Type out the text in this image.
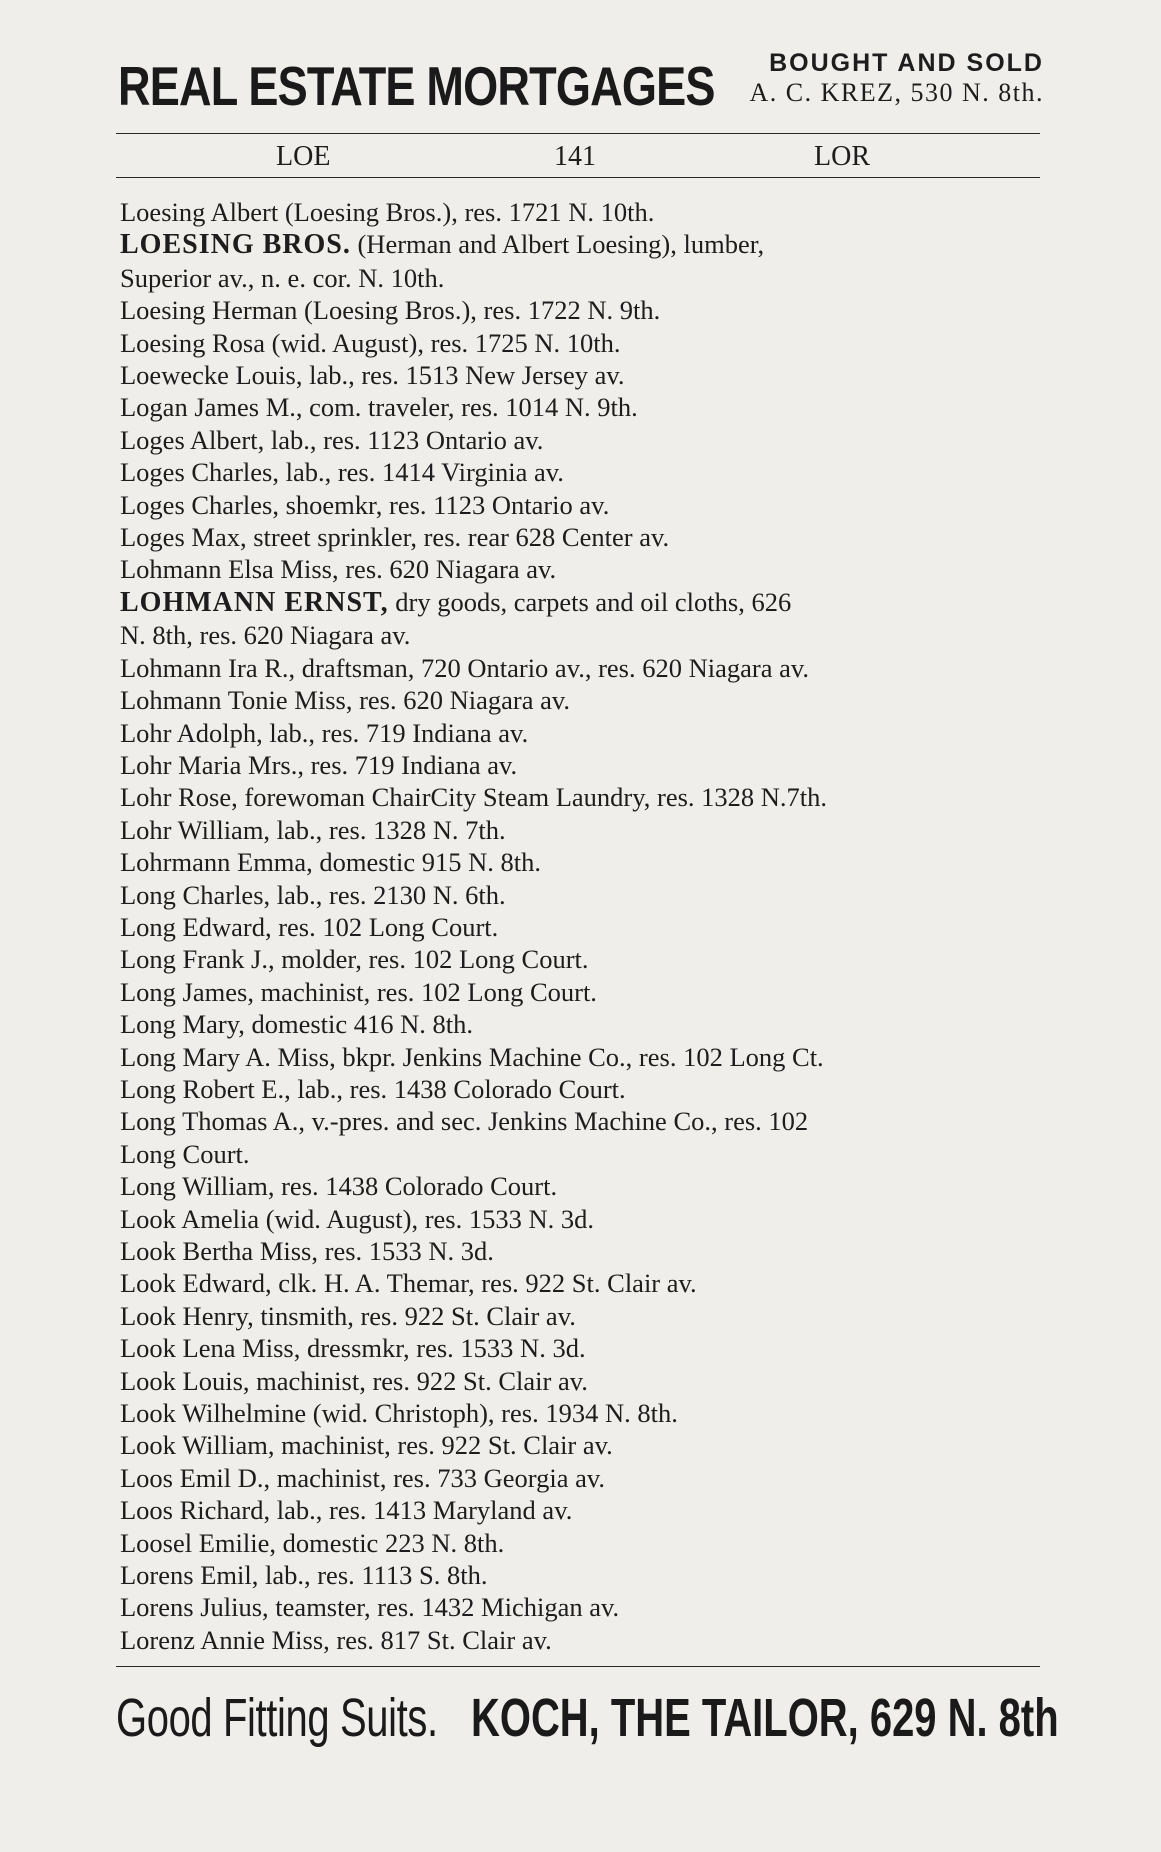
REAL ESTATE MORTGAGES	BOUGHT AND SOLD
A. C. KREZ, 530 N. 8th.
LOE	141	LOR
Loesing Albert (Loesing Bros.), res. 1721 N. 10th.
LOESING BROS. (Herman and Albert Loesing), lumber,
Superior av., n. e. cor. N. 10th.
Loesing Herman (Loesing Bros.), res. 1722 N. 9th.
Loesing Rosa (wid. August), res. 1725 N. 10th.
Loewecke Louis, lab., res. 1513 New Jersey av.
Logan James M., com. traveler, res. 1014 N. 9th.
Loges Albert, lab., res. 1123 Ontario av.
Loges Charles, lab., res. 1414 Virginia av.
Loges Charles, shoemkr, res. 1123 Ontario av.
Loges Max, street sprinkler, res. rear 628 Center av.
Lohmann Elsa Miss, res. 620 Niagara av.
LOHMANN ERNST, dry goods, carpets and oil cloths, 626
N. 8th, res. 620 Niagara av.
Lohmann Ira R., draftsman, 720 Ontario av., res. 620 Niagara av.
Lohmann Tonie Miss, res. 620 Niagara av.
Lohr Adolph, lab., res. 719 Indiana av.
Lohr Maria Mrs., res. 719 Indiana av.
Lohr Rose, forewoman ChairCity Steam Laundry, res. 1328 N.7th.
Lohr William, lab., res. 1328 N. 7th.
Lohrmann Emma, domestic 915 N. 8th.
Long Charles, lab., res. 2130 N. 6th.
Long Edward, res. 102 Long Court.
Long Frank J., molder, res. 102 Long Court.
Long James, machinist, res. 102 Long Court.
Long Mary, domestic 416 N. 8th.
Long Mary A. Miss, bkpr. Jenkins Machine Co., res. 102 Long Ct.
Long Robert E., lab., res. 1438 Colorado Court.
Long Thomas A., v.-pres. and sec. Jenkins Machine Co., res. 102
Long Court.
Long William, res. 1438 Colorado Court.
Look Amelia (wid. August), res. 1533 N. 3d.
Look Bertha Miss, res. 1533 N. 3d.
Look Edward, clk. H. A. Themar, res. 922 St. Clair av.
Look Henry, tinsmith, res. 922 St. Clair av.
Look Lena Miss, dressmkr, res. 1533 N. 3d.
Look Louis, machinist, res. 922 St. Clair av.
Look Wilhelmine (wid. Christoph), res. 1934 N. 8th.
Look William, machinist, res. 922 St. Clair av.
Loos Emil D., machinist, res. 733 Georgia av.
Loos Richard, lab., res. 1413 Maryland av.
Loosel Emilie, domestic 223 N. 8th.
Lorens Emil, lab., res. 1113 S. 8th.
Lorens Julius, teamster, res. 1432 Michigan av.
Lorenz Annie Miss, res. 817 St. Clair av.
Good Fitting Suits. KOCH, THE TAILOR, 629 N. 8th
